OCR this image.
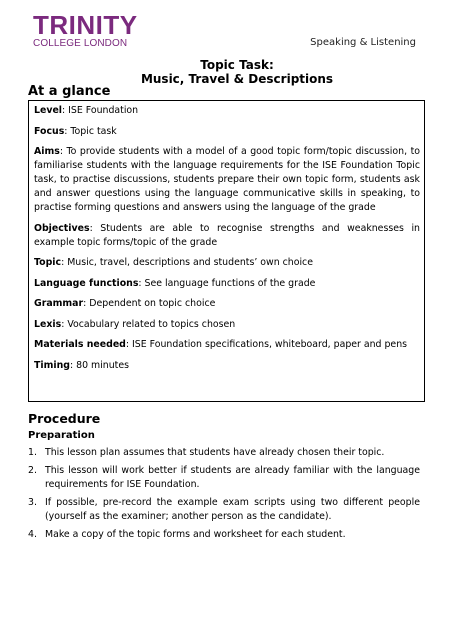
TRINITY
COLLEGE LONDON	Speaking & Listening
Topic Task:
Music, Travel & Descriptions
At a glance

Level: ISE Foundation

Focus: Topic task

Aims: To provide students with a model of a good topic form/topic discussion, to familiarise students with the language requirements for the ISE Foundation Topic task, to practise discussions, students prepare their own topic form, students ask and answer questions using the language communicative skills in speaking, to practise forming questions and answers using the language of the grade

Objectives: Students are able to recognise strengths and weaknesses in example topic forms/topic of the grade

Topic: Music, travel, descriptions and students’ own choice

Language functions: See language functions of the grade

Grammar: Dependent on topic choice

Lexis: Vocabulary related to topics chosen

Materials needed: ISE Foundation specifications, whiteboard, paper and pens

Timing: 80 minutes

Procedure
Preparation
1. This lesson plan assumes that students have already chosen their topic.
2. This lesson will work better if students are already familiar with the language requirements for ISE Foundation.
3. If possible, pre-record the example exam scripts using two different people (yourself as the examiner; another person as the candidate).
4. Make a copy of the topic forms and worksheet for each student.
